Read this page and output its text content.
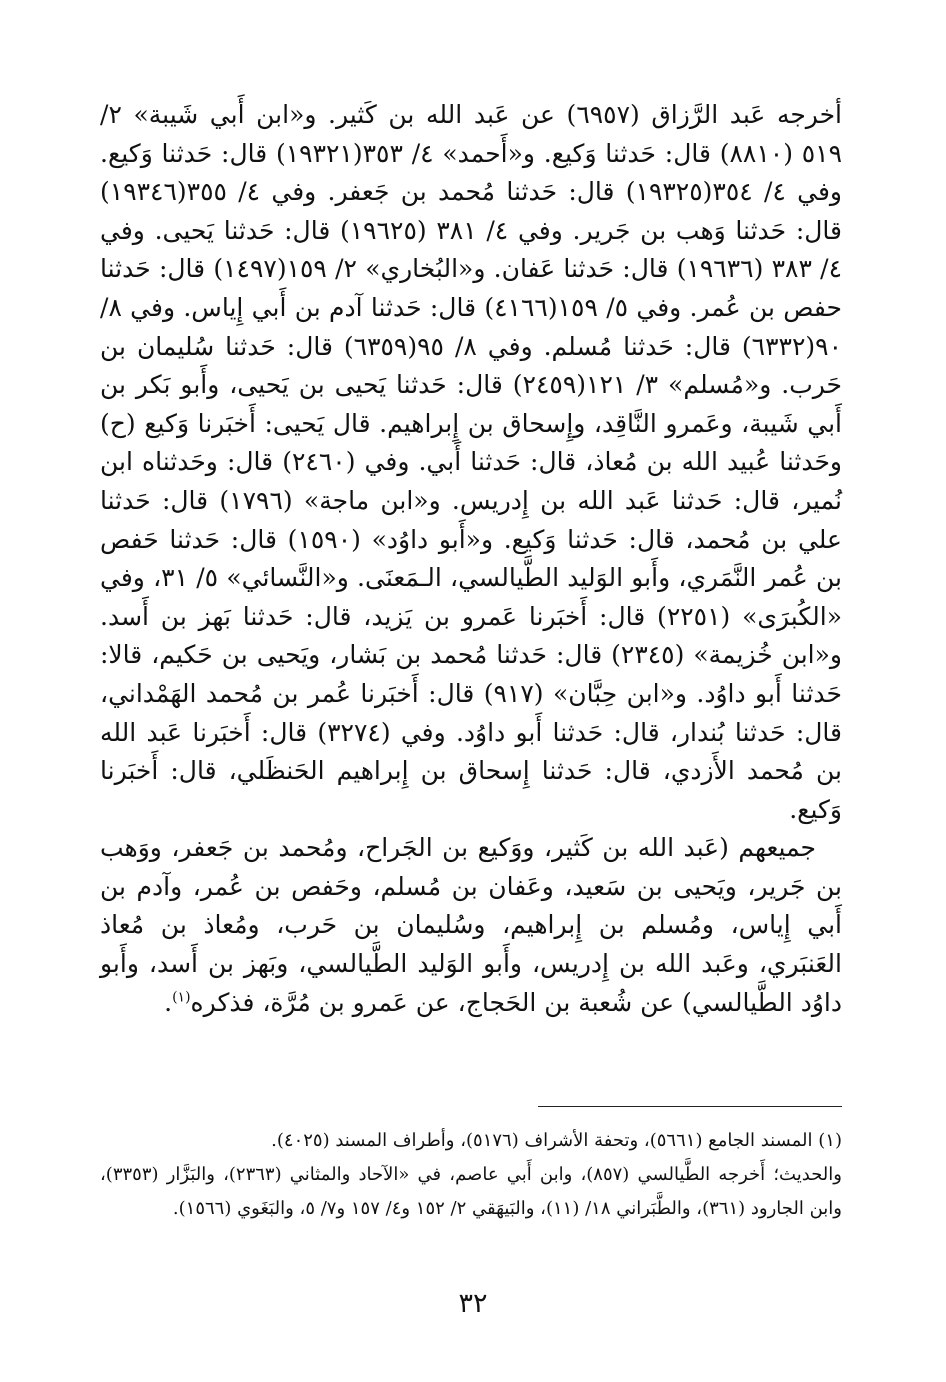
أخرجه عَبد الرَّزاق (٦٩٥٧) عن عَبد الله بن كَثير. و«ابن أَبي شَيبة» ٢/ ٥١٩ (٨٨١٠) قال: حَدثنا وَكيع. و«أَحمد» ٤/ ٣٥٣(١٩٣٢١) قال: حَدثنا وَكيع. وفي ٤/ ٣٥٤(١٩٣٢٥) قال: حَدثنا مُحمد بن جَعفر. وفي ٤/ ٣٥٥(١٩٣٤٦) قال: حَدثنا وَهب بن جَرير. وفي ٤/ ٣٨١ (١٩٦٢٥) قال: حَدثنا يَحيى. وفي ٤/ ٣٨٣ (١٩٦٣٦) قال: حَدثنا عَفان. و«البُخاري» ٢/ ١٥٩(١٤٩٧) قال: حَدثنا حفص بن عُمر. وفي ٥/ ١٥٩(٤١٦٦) قال: حَدثنا آدم بن أَبي إِياس. وفي ٨/ ٩٠(٦٣٣٢) قال: حَدثنا مُسلم. وفي ٨/ ٩٥(٦٣٥٩) قال: حَدثنا سُليمان بن حَرب. و«مُسلم» ٣/ ١٢١(٢٤٥٩) قال: حَدثنا يَحيى بن يَحيى، وأَبو بَكر بن أَبي شَيبة، وعَمرو النَّاقِد، وإِسحاق بن إِبراهيم. قال يَحيى: أَخبَرنا وَكيع (ح) وحَدثنا عُبيد الله بن مُعاذ، قال: حَدثنا أَبي. وفي (٢٤٦٠) قال: وحَدثناه ابن نُمير، قال: حَدثنا عَبد الله بن إِدريس. و«ابن ماجة» (١٧٩٦) قال: حَدثنا علي بن مُحمد، قال: حَدثنا وَكيع. و«أَبو داوُد» (١٥٩٠) قال: حَدثنا حَفص بن عُمر النَّمَري، وأَبو الوَليد الطَّيالسي، الـمَعنَى. و«النَّسائي» ٥/ ٣١، وفي «الكُبرَى» (٢٢٥١) قال: أَخبَرنا عَمرو بن يَزيد، قال: حَدثنا بَهز بن أَسد. و«ابن خُزيمة» (٢٣٤٥) قال: حَدثنا مُحمد بن بَشار، ويَحيى بن حَكيم، قالا: حَدثنا أَبو داوُد. و«ابن حِبَّان» (٩١٧) قال: أَخبَرنا عُمر بن مُحمد الهَمْداني، قال: حَدثنا بُندار، قال: حَدثنا أَبو داوُد. وفي (٣٢٧٤) قال: أَخبَرنا عَبد الله بن مُحمد الأَزدي، قال: حَدثنا إِسحاق بن إِبراهيم الحَنظَلي، قال: أَخبَرنا وَكيع.

جميعهم (عَبد الله بن كَثير، ووَكيع بن الجَراح، ومُحمد بن جَعفر، ووَهب بن جَرير، ويَحيى بن سَعيد، وعَفان بن مُسلم، وحَفص بن عُمر، وآدم بن أَبي إِياس، ومُسلم بن إِبراهيم، وسُليمان بن حَرب، ومُعاذ بن مُعاذ العَنبَري، وعَبد الله بن إِدريس، وأَبو الوَليد الطَّيالسي، وبَهز بن أَسد، وأَبو داوُد الطَّيالسي) عن شُعبة بن الحَجاج، عن عَمرو بن مُرَّة، فذكره$^{(١)}$.

(١) المسند الجامع (٥٦٦١)، وتحفة الأشراف (٥١٧٦)، وأطراف المسند (٤٠٢٥).

والحديث؛ أَخرجه الطَّيالسي (٨٥٧)، وابن أَبي عاصم، في «الآحاد والمثاني (٢٣٦٣)، والبَزَّار (٣٣٥٣)، وابن الجارود (٣٦١)، والطَّبَراني ١٨/ (١١)، والبَيهَقي ٢/ ١٥٢ و٤/ ١٥٧ و٧/ ٥، والبَغَوي (١٥٦٦).

٣٢
